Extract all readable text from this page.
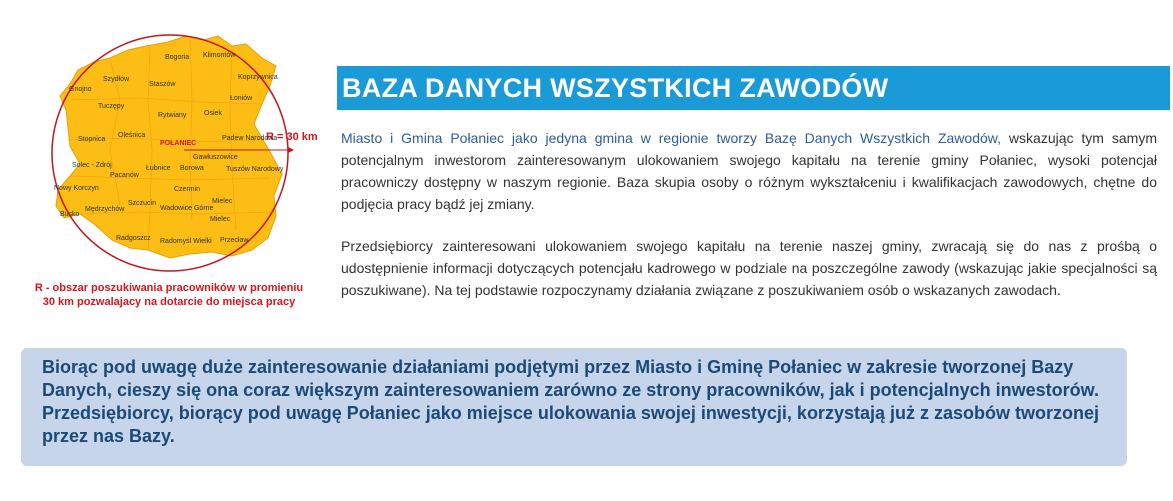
R = 30 km
Bogoria Klimontów
Koprzywnica
Szydłów
Staszów
Gnojno
Łoniów
Tuczępy
Rytwiany	Osiek
Stopnica
Oleśnica
POŁANIEC
Padew Narodowa
Gawłuszowice
Solec - Zdrój	Łubnice Borowa	Tuszów Narodowy
Pacanów
Nowy Korczyn	Czermin
Busko
Szczucin
Mędrzychów	Wadowice Górne
Mielec
Mielec
Radgoszcz Radomyśl Wielki Przecław
R - obszar poszukiwania pracowników w promieniu
30 km pozwalajacy na dotarcie do miejsca pracy
BAZA DANYCH WSZYSTKICH ZAWODÓW

Miasto i Gmina Połaniec jako jedyna gmina w regionie tworzy Bazę Danych Wszystkich Zawodów, wskazując tym samym potencjalnym inwestorom zainteresowanym ulokowaniem swojego kapitału na terenie gminy Połaniec, wysoki potencjał pracowniczy dostępny w naszym regionie. Baza skupia osoby o różnym wykształceniu i kwalifikacjach zawodowych, chętne do podjęcia pracy bądź jej zmiany.

Przedsiębiorcy zainteresowani ulokowaniem swojego kapitału na terenie naszej gminy, zwracają się do nas z prośbą o udostępnienie informacji dotyczących potencjału kadrowego w podziale na poszczególne zawody (wskazując jakie specjalności są poszukiwane). Na tej podstawie rozpoczynamy działania związane z poszukiwaniem osób o wskazanych zawodach.

Biorąc pod uwagę duże zainteresowanie działaniami podjętymi przez Miasto i Gminę Połaniec w zakresie tworzonej Bazy Danych, cieszy się ona coraz większym zainteresowaniem zarówno ze strony pracowników, jak i potencjalnych inwestorów. Przedsiębiorcy, biorący pod uwagę Połaniec jako miejsce ulokowania swojej inwestycji, korzystają już z zasobów tworzonej przez nas Bazy.
